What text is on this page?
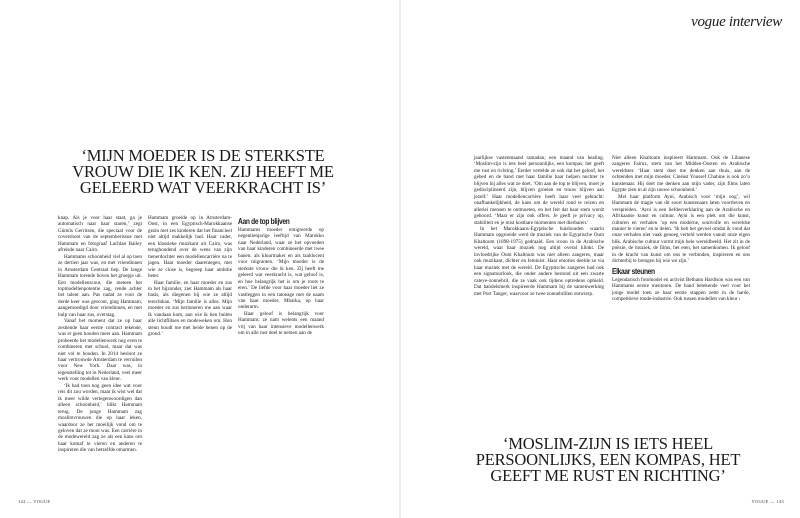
‘MIJN MOEDER IS DE STERKSTE VROUW DIE IK KEN. ZIJ HEEFT ME GELEERD WAT VEERKRACHT IS’

knap. Als je voor haar staat, ga je automatisch naar haar staren,’ zegt Gümüs Gerritsen, die speciaal voor de covershoot van de septemberissue met Hammam en fotograaf Lachlan Bailey afreisde naar Cairo.

Hammams schoonheid viel al op toen ze dertien jaar was, en met vriendinnen in Amsterdam Centraal liep. De lange Hammam torende boven het groepje uit. Een modellenscout, die meteen het topmodellenpotentie zag, rende achter het talent aan. Pas nadat ze voor de derde keer was gescout, ging Hammam, aangemoedigd door vriendinnen, en met hulp van haar zus, overstag.

Vanaf het moment dat ze op haar zestiende haar eerste contract tekende, was er geen houden meer aan. Hammam probeerde het modellenwerk nog even te combineren met school, maar dat was niet vol te houden. In 2014 besloot ze haar vertrouwde Amsterdam te verruilen voor New York. Daar was, in tegenstelling tot in Nederland, veel meer werk voor modellen van kleur.

‘Ik had toen nog geen idee wat voor reis dit zou worden, maar ik wist wel dat ik meer wilde vertegenwoordigen dan alleen schoonheid,’ blikt Hammam terug. De jonge Hammam zag moslimvrouwen die op haar leken, waardoor ze het moeilijk vond om te geloven dat ze mooi was. Een carrière in de modewereld zag ze als een kans om haar komaf te vieren en anderen te inspireren die van hetzelfde omarmen.

Hammam groeide op in Amsterdam-Oost, in een Egyptisch-Marokkaanse gezin met zes kinderen dat het financieel niet altijd makkelijk had. Haar vader, een klassieke muzikant uit Cairo, was terughoudend over de wens van zijn tienerdochter een modellencarrière na te jagen. Haar moeder daarentegen, met wie ze close is, begreep haar ambitie beter.

Haar familie, en haar moeder en zus in het bijzonder, ziet Hammam als haar basis, als diegenen bij wie ze altijd terechtkan. ‘Mijn familie is alles. Mijn moeder en zus herinneren me aan waar ik vandaan kom, aan wie ik ben buiten alle lichtflitsen en modeweken om. Hun steun houdt me met beide benen op de grond.’

Aan de top blijven

Hammams moeder emigreerde op negentienjarige leeftijd van Marokko naar Nederland, waar ze het opvoeden van haar kinderen combineerde met twee banen: als kluurmaker en als taaldocent voor migranten. ‘Mijn moeder is de sterkste vrouw die ik ken. Zij heeft me geleerd wat veerkracht is, wat geloof is, en hoe belangrijk het is om je roots te eren.’ De liefde voor haar moeder liet ze vastleggen in een tatoeage met de naam van haar moeder, Mbarka, op haar onderarm.

Haar geloof is belangrijk voor Hammam; ze nam welents een maand vrij van haar intensieve modellenwerk om in alle rust deel te nemen aan de

142 — VOGUE
vogue interview

jaarlijkse vastenmaand ramadan; een maand van healing. ‘Moslim-zijn is iets heel persoonlijks, een kompas, het geeft me rust en richting.’ Eerder vertelde ze ook dat het geloof, het gebed en de band met haar familie haar helpen nuchter te blijven bij alles wat ze doet. ‘Om aan de top te blijven, moet je gedisciplineerd zijn, blijven groeien en trouw blijven aan jezelf.’ Haar modellencarrière heeft haar veel gebracht: onafhankelijkheid, de kans om de wereld rond te reizen en allerlei mensen te ontmoeten, en het feit dat haar stem wordt gehoord. ‘Maar er zijn ook offers. Je geeft je privacy op, stabiliteit en je mist kostbare momenten met dierbaren.’

In het Marokkaans-Egyptische huishouden waarin Hammam opgroeide werd de muziek van de Egyptische Oum Khaltoum (1898-1975) gedraaid. Een icoon in de Arabische wereld, waar haar muziek nog altijd overal klinkt. De invloedrijke Oum Khaltoum was niet alleen zangeres, maar ook muzikant, dichter en feminist. Haar emoties deelde ze via haar muziek met de wereld. De Egyptische zangeres had ook een signatuurlook, die onder andere bestond uit een zwarte cateye-zonnebril, die ze vaak ook tijdens optredens ophield. Dat handelsmerk inspireerde Hammam bij de samenwerking met Port Tanger, waarvoor ze twee zonnebrillen ontwierp.

Niet alleen Khaltoum inspireert Hammam. Ook de Libanese zangeres Fairuz, stem van het Midden-Oosten en Arabische wereldster. ‘Haar stem doet me denken aan thuis, aan de ochtenden met mijn moeder. Cinéast Youssef Chahine is ook zo’n kunstenaar. Hij doet me denken aan mijn vader, zijn films laten Egypte zien in al zijn rauwe schoonheid.’

Met haar platform Ayni, Arabisch voor ‘mijn oog’, wil Hammam de magie van dit soort kunstenaars laten voortleven en verspreiden. ‘Ayni is een liefdesverklaring aan de Arabische en Afrikaanse kunst en cultuur. Ayni is een plek om die kunst, culturen en verhalen ’op een moderne, soulvolle en wereldse manier te vieren’ en te delen. ‘Ik heb het gevoel omdat ik vond dat onze verhalen niet vaak genoeg verteld werden vanuit onze eigen blik. Arabische cultuur vormt mijn hele wereldbeeld. Het zit in de poëzie, de muziek, de films, het eten, het samenkomen. Ik geloof in de kracht van kunst om ons te verbinden, inspireren en ons dichterbij te brengen bij wie we zijn.’

Elkaar steunen

Legendarisch fotomodel en activist Bethann Hardison was een van Hammams eerste mentoren. De band betekende veel voor het jonge model toen ze haar eerste stappen zette in de harde, competitieve mode-industrie. Ook tussen modellen van kleur ›

‘MOSLIM-ZIJN IS IETS HEEL PERSOONLIJKS, EEN KOMPAS, HET GEEFT ME RUST EN RICHTING’
VOGUE — 143
